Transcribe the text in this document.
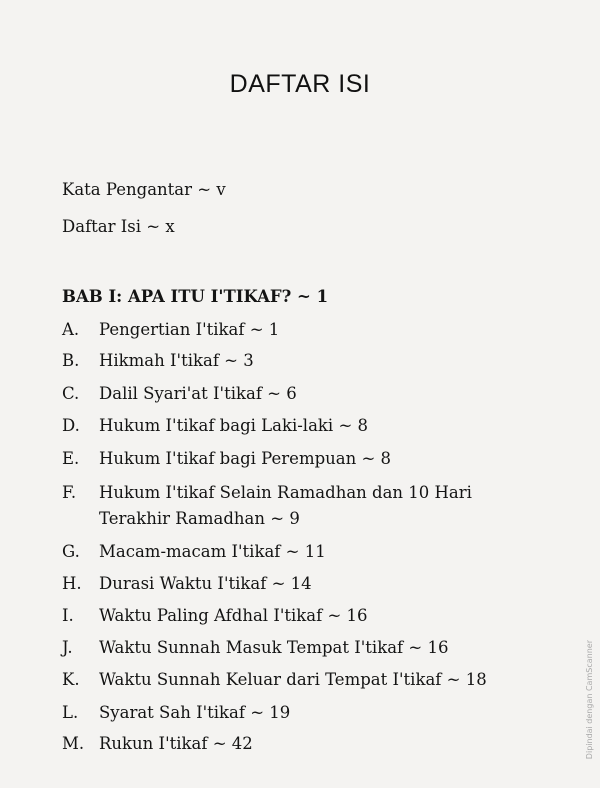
DAFTAR ISI
Kata Pengantar ~ v
Daftar Isi ~ x
BAB I: APA ITU I'TIKAF? ~ 1
A. Pengertian I'tikaf ~ 1
B. Hikmah I'tikaf ~ 3
C. Dalil Syari'at I'tikaf ~ 6
D. Hukum I'tikaf bagi Laki-laki ~ 8
E. Hukum I'tikaf bagi Perempuan ~ 8
F. Hukum I'tikaf Selain Ramadhan dan 10 Hari
Terakhir Ramadhan ~ 9
G. Macam-macam I'tikaf ~ 11
H. Durasi Waktu I'tikaf ~ 14
I. Waktu Paling Afdhal I'tikaf ~ 16
J. Waktu Sunnah Masuk Tempat I'tikaf ~ 16
K. Waktu Sunnah Keluar dari Tempat I'tikaf ~ 18
L. Syarat Sah I'tikaf ~ 19
M. Rukun I'tikaf ~ 42	Dipindai dengan CamScanner
